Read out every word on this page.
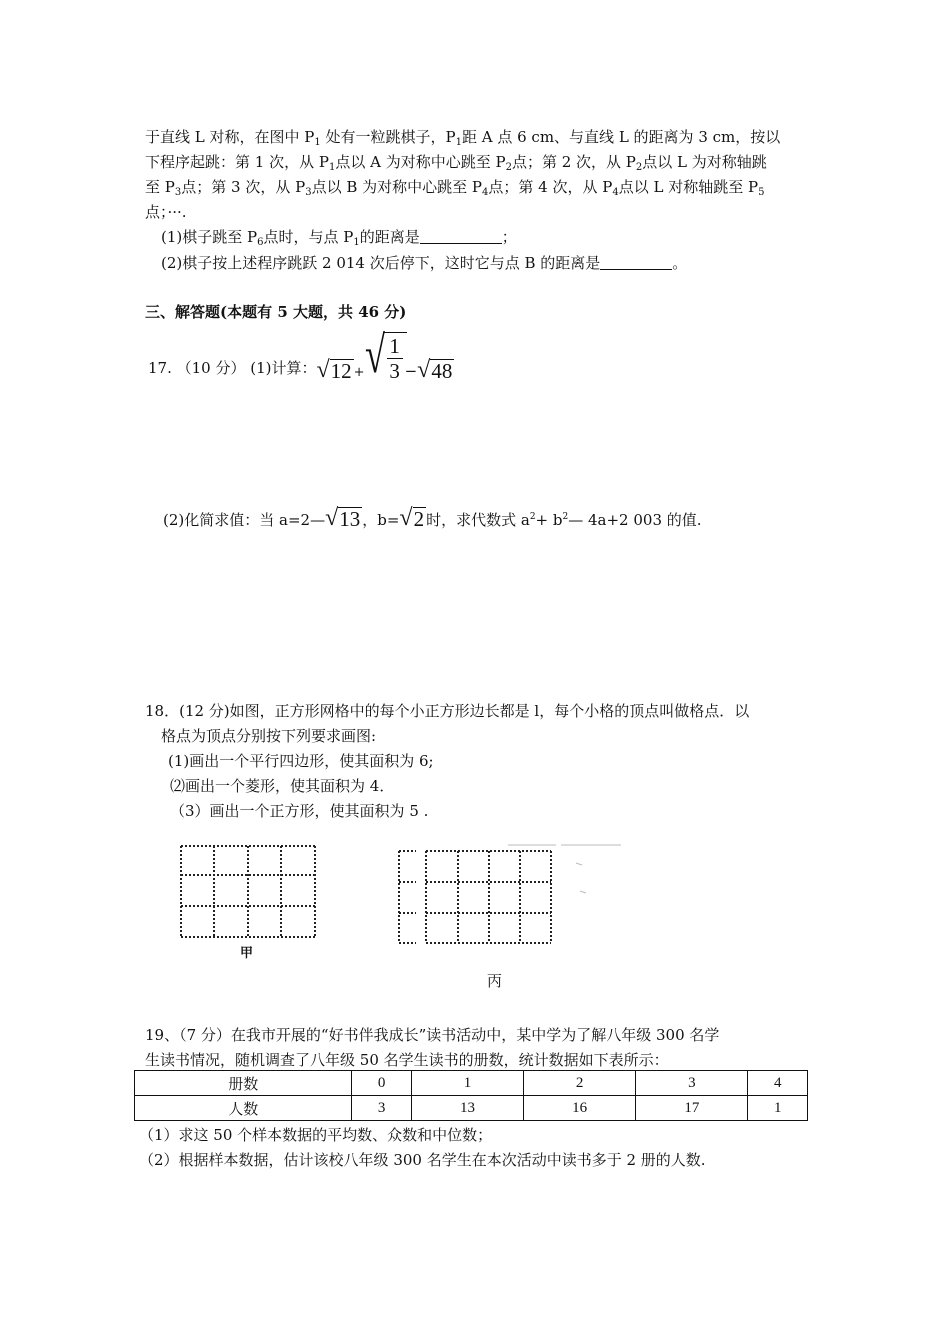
于直线 L 对称，在图中 $P_1$ 处有一粒跳棋子，$P_1$距 A 点 6 cm、与直线 L 的距离为 3 cm，按以
下程序起跳：第 1 次，从 $P_1$点以 A 为对称中心跳至 $P_2$点；第 2 次，从 $P_2$点以 L 为对称轴跳
至 $P_3$点；第 3 次，从 $P_3$点以 B 为对称中心跳至 $P_4$点；第 4 次，从 $P_4$点以 L 对称轴跳至 $P_5$
点；···.
(1)棋子跳至 $P_6$点时，与点 $P_1$的距离是	；
(2)棋子按上述程序跳跃 2 014 次后停下，这时它与点 B 的距离是	。
三、解答题(本题有 5 大题，共 46 分)
17. （10 分） (1)计算： √ 12 + √
$\frac{1}{3}$
− √ 48
(2)化简求值：当 a=2— √ 13 ，b= √ 2 时，求代数式 $a^2+$ $b^2—$ 4a+2 003 的值.
18．(12 分)如图，正方形网格中的每个小正方形边长都是 l，每个小格的顶点叫做格点．以
格点为顶点分别按下列要求画图:
(1)画出一个平行四边形，使其面积为 6;
⑵画出一个菱形，使其面积为 4．
（3）画出一个正方形，使其面积为 5 .
甲
丙
19、（7 分）在我市开展的“好书伴我成长”读书活动中，某中学为了解八年级 300 名学
生读书情况，随机调查了八年级 50 名学生读书的册数，统计数据如下表所示：
册数	0	1	2	3	4
人数	3	13	16	17	1
（1）求这 50 个样本数据的平均数、众数和中位数；
（2）根据样本数据，估计该校八年级 300 名学生在本次活动中读书多于 2 册的人数.
